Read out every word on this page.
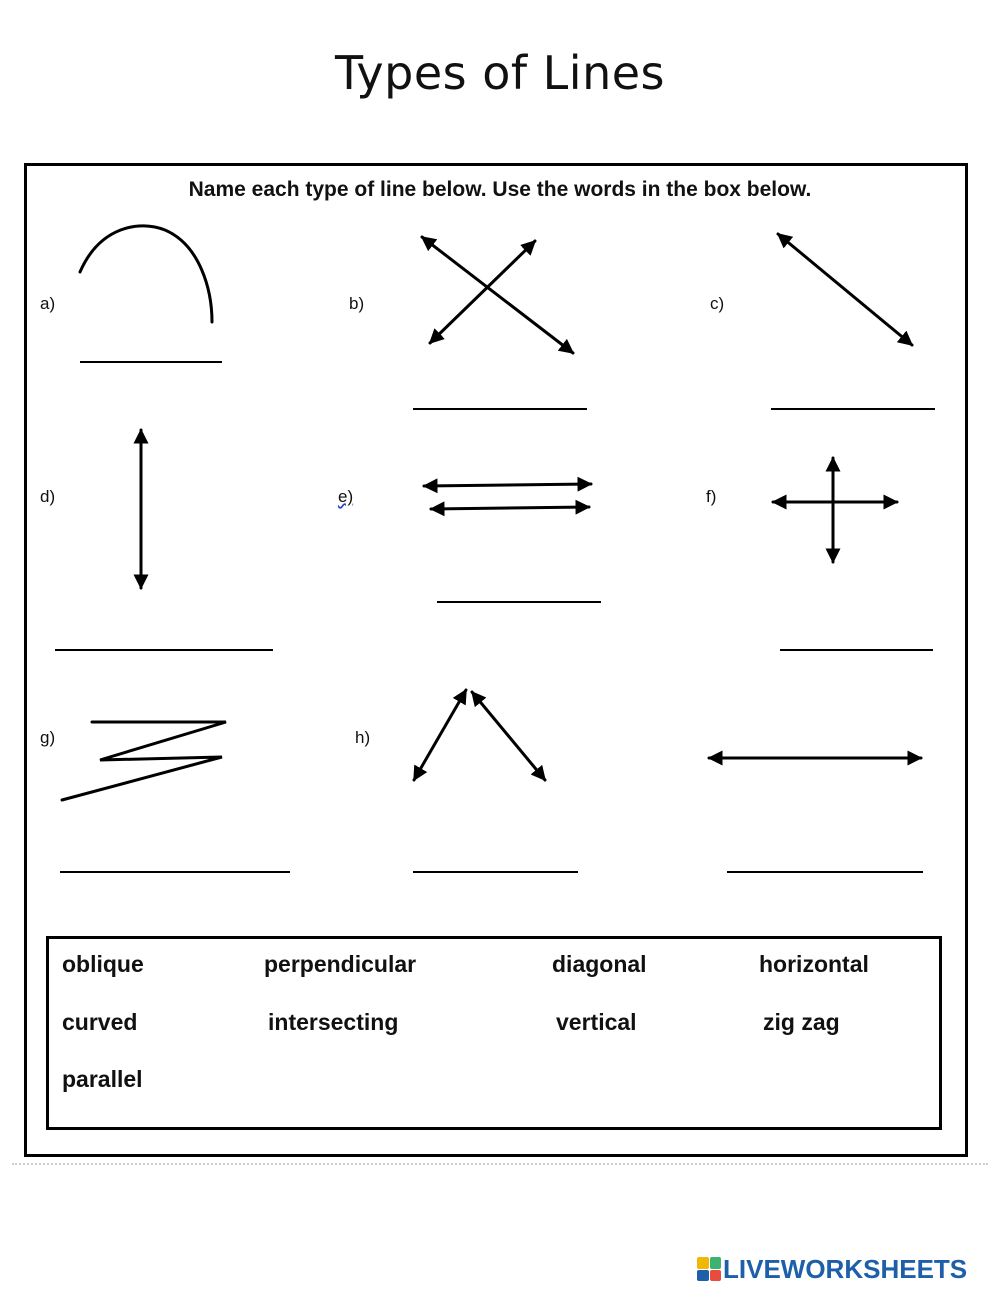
Types of Lines
Name each type of line below. Use the words in the box below.
a)	b)	c)
d)	e)	f)
g)	h)
oblique	perpendicular	diagonal	horizontal
curved	intersecting	vertical	zig zag
parallel
LIVEWORKSHEETS
